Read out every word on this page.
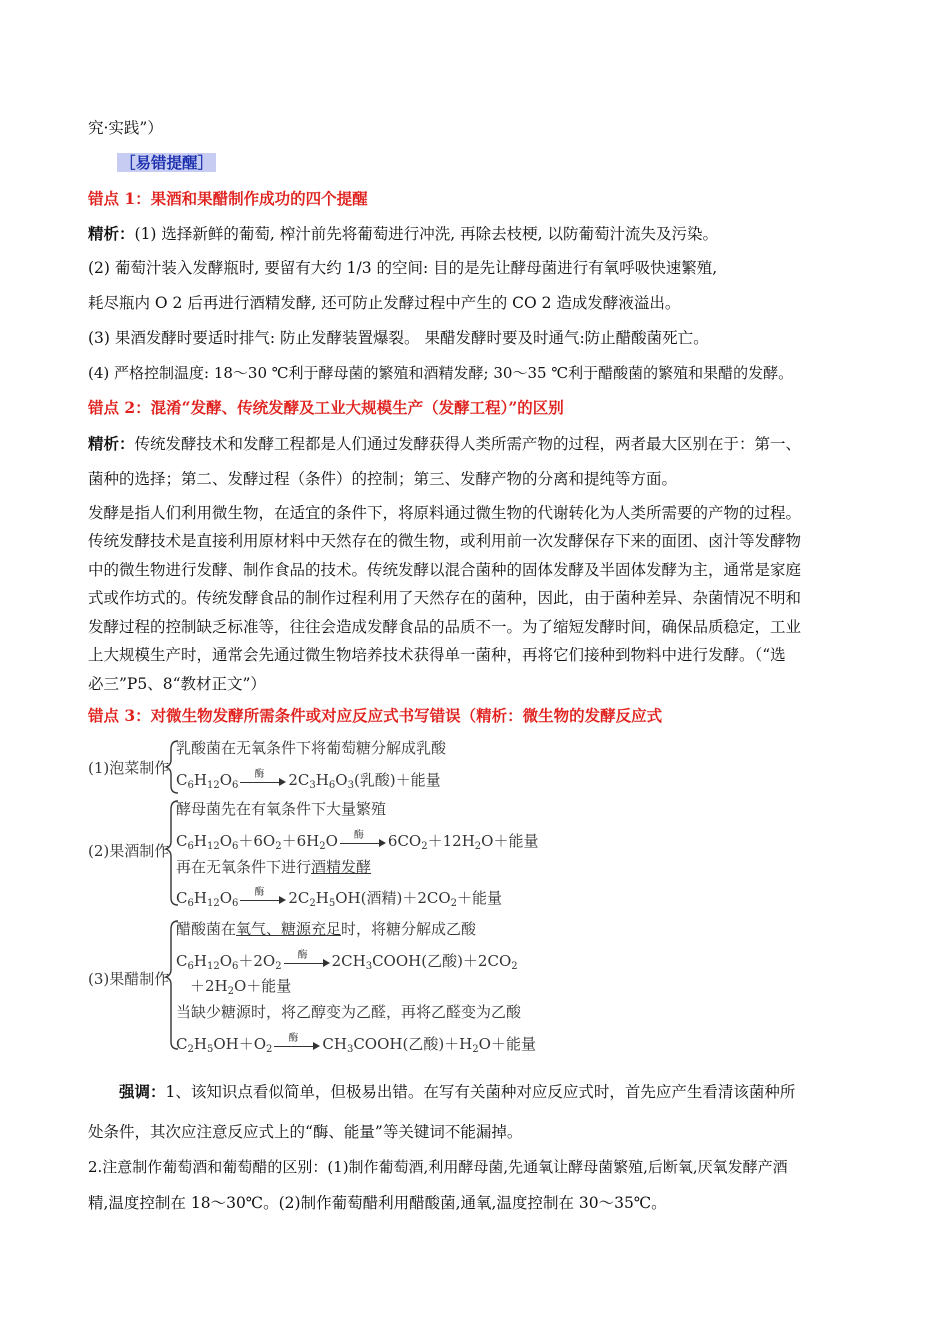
究·实践”）
［易错提醒］
错点 1：果酒和果醋制作成功的四个提醒
精析：(1) 选择新鲜的葡萄, 榨汁前先将葡萄进行冲洗, 再除去枝梗, 以防葡萄汁流失及污染。
(2) 葡萄汁装入发酵瓶时, 要留有大约 1/3 的空间: 目的是先让酵母菌进行有氧呼吸快速繁殖,
耗尽瓶内 O 2 后再进行酒精发酵, 还可防止发酵过程中产生的 CO 2 造成发酵液溢出。
(3) 果酒发酵时要适时排气: 防止发酵装置爆裂。 果醋发酵时要及时通气:防止醋酸菌死亡。
(4) 严格控制温度: 18～30 ℃利于酵母菌的繁殖和酒精发酵; 30～35 ℃利于醋酸菌的繁殖和果醋的发酵。
错点 2：混淆“发酵、传统发酵及工业大规模生产（发酵工程）”的区别
精析：传统发酵技术和发酵工程都是人们通过发酵获得人类所需产物的过程，两者最大区别在于：第一、
菌种的选择；第二、发酵过程（条件）的控制；第三、发酵产物的分离和提纯等方面。
发酵是指人们利用微生物，在适宜的条件下，将原料通过微生物的代谢转化为人类所需要的产物的过程。
传统发酵技术是直接利用原材料中天然存在的微生物，或利用前一次发酵保存下来的面团、卤汁等发酵物
中的微生物进行发酵、制作食品的技术。传统发酵以混合菌种的固体发酵及半固体发酵为主，通常是家庭
式或作坊式的。传统发酵食品的制作过程利用了天然存在的菌种，因此，由于菌种差异、杂菌情况不明和
发酵过程的控制缺乏标准等，往往会造成发酵食品的品质不一。为了缩短发酵时间，确保品质稳定，工业
上大规模生产时，通常会先通过微生物培养技术获得单一菌种，再将它们接种到物料中进行发酵。（“选
必三”P5、8“教材正文”）
错点 3：对微生物发酵所需条件或对应反应式书写错误（精析：微生物的发酵反应式
(1)泡菜制作
乳酸菌在无氧条件下将葡萄糖分解成乳酸
$C_6H_{12}O_6$
酶 $2C_3H_6O_3$(乳酸)＋能量
(2)果酒制作
酵母菌先在有氧条件下大量繁殖
$C_6H_{12}O_6+6O_2+6H_2O$ 酶 $6CO_2+12H_2O+$能量
再在无氧条件下进行酒精发酵
$C_6H_{12}O_6$
酶 $2C_2H_5OH$(酒精)$+2CO_2+$能量
(3)果醋制作
醋酸菌在氧气、糖源充足时，将糖分解成乙酸
$C_6H_{12}O_6+2O_2$
酶 $2CH_3COOH$(乙酸)$+2CO_2$
$+2H_2O+$能量
当缺少糖源时，将乙醇变为乙醛，再将乙醛变为乙酸
$C_2H_5OH+O_2$
酶 $CH_3COOH$(乙酸)$+H_2O+$能量
强调：1、该知识点看似简单，但极易出错。在写有关菌种对应反应式时，首先应产生看清该菌种所
处条件，其次应注意反应式上的“酶、能量”等关键词不能漏掉。
2.注意制作葡萄酒和葡萄醋的区别：(1)制作葡萄酒,利用酵母菌,先通氧让酵母菌繁殖,后断氧,厌氧发酵产酒
精,温度控制在 18～30℃。(2)制作葡萄醋利用醋酸菌,通氧,温度控制在 30～35℃。
